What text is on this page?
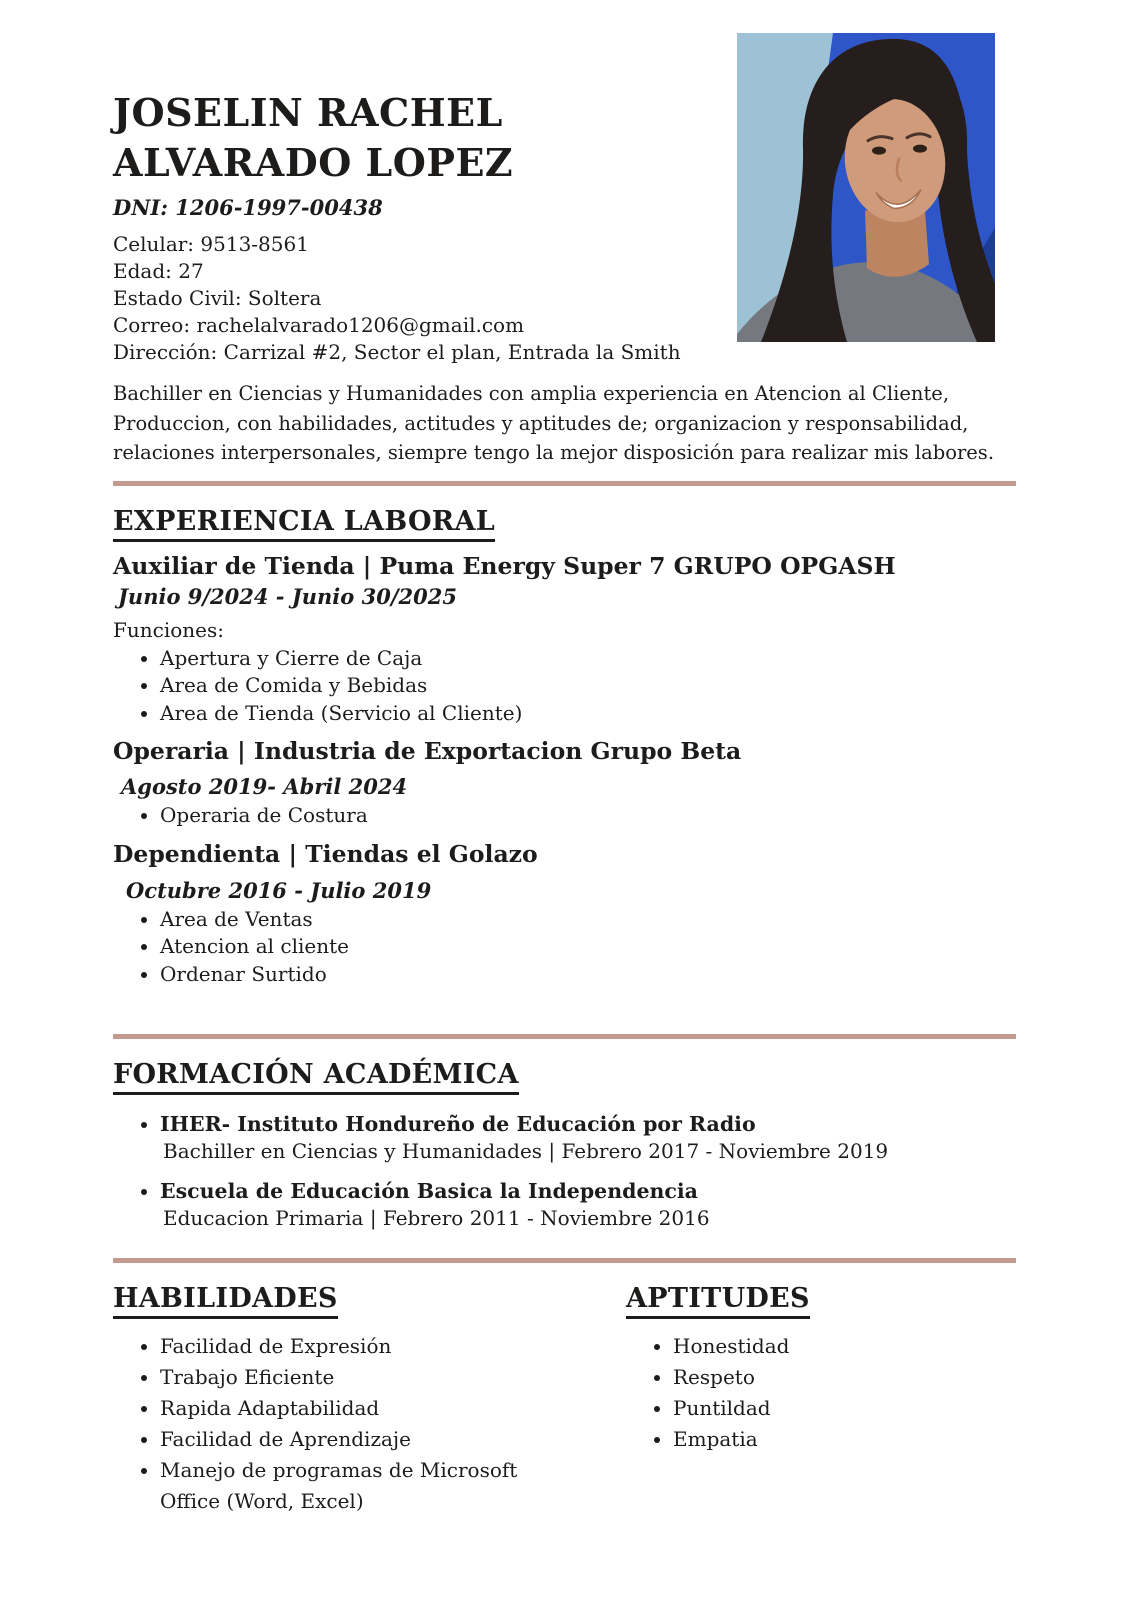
JOSELIN RACHEL
ALVARADO LOPEZ
DNI: 1206-1997-00438
Celular: 9513-8561
Edad: 27
Estado Civil: Soltera
Correo: rachelalvarado1206@gmail.com
Dirección: Carrizal #2, Sector el plan, Entrada la Smith
Bachiller en Ciencias y Humanidades con amplia experiencia en Atencion al Cliente, Produccion, con habilidades, actitudes y aptitudes de; organizacion y responsabilidad, relaciones interpersonales, siempre tengo la mejor disposición para realizar mis labores.
EXPERIENCIA LABORAL
Auxiliar de Tienda | Puma Energy Super 7 GRUPO OPGASH
Junio 9/2024 - Junio 30/2025
Funciones:
• Apertura y Cierre de Caja
• Area de Comida y Bebidas
• Area de Tienda (Servicio al Cliente)
Operaria | Industria de Exportacion Grupo Beta
Agosto 2019- Abril 2024
• Operaria de Costura
Dependienta | Tiendas el Golazo
Octubre 2016 - Julio 2019
• Area de Ventas
• Atencion al cliente
• Ordenar Surtido
FORMACIÓN ACADÉMICA
• IHER- Instituto Hondureño de Educación por Radio
Bachiller en Ciencias y Humanidades | Febrero 2017 - Noviembre 2019
• Escuela de Educación Basica la Independencia
Educacion Primaria | Febrero 2011 - Noviembre 2016
HABILIDADES
• Facilidad de Expresión
• Trabajo Eficiente
• Rapida Adaptabilidad
• Facilidad de Aprendizaje
• Manejo de programas de Microsoft Office (Word, Excel)
APTITUDES
• Honestidad
• Respeto
• Puntildad
• Empatia
